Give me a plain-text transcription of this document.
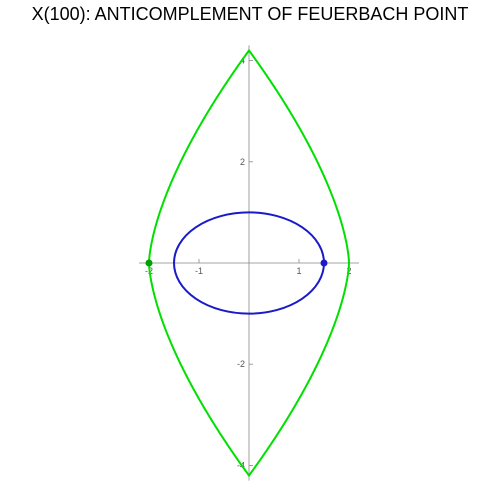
X(100): ANTICOMPLEMENT OF FEUERBACH POINT
-2	-1	1	2
4
2
-2
-4
